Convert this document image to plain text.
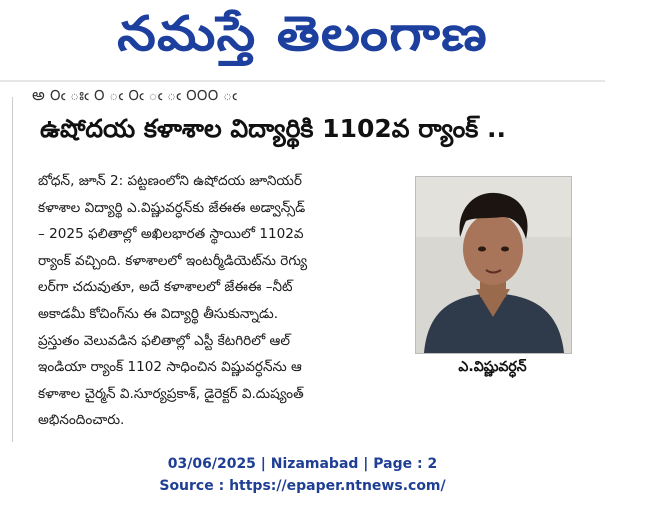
నమస్తే తెలంగాణ
అ ౦ఁ ఃఁ ౦ ఁ ౦ఁ ఁ ఁ ౦౦౦ ఁ
ఉషోదయ కళాశాల విద్యార్థికి 1102వ ర్యాంక్ ..
బోధన్, జూన్ 2: పట్టణంలోని ఉషోదయ జూనియర్
కళాశాల విద్యార్థి ఎ.విష్ణువర్ధన్‌కు జేఈఈ అడ్వాన్స్‌డ్
– 2025 ఫలితాల్లో అఖిలభారత స్థాయిలో 1102వ
ర్యాంక్ వచ్చింది. కళాశాలలో ఇంటర్మీడియెట్‌ను రెగ్యు
లర్‌గా చదువుతూ, అదే కళాశాలలో జేఈఈ –నీట్
అకాడమీ కోచింగ్‌ను ఈ విద్యార్థి తీసుకున్నాడు.
ప్రస్తుతం వెలువడిన ఫలితాల్లో ఎస్టీ కేటగిరిలో ఆల్
ఇండియా ర్యాంక్ 1102 సాధించిన విష్ణువర్ధన్‌ను ఆ
కళాశాల చైర్మన్ వి.సూర్యప్రకాశ్, డైరెక్టర్ వి.దుష్యంత్
అభినందించారు.
ఎ.విష్ణువర్ధన్
03/06/2025 | Nizamabad | Page : 2
Source : https://epaper.ntnews.com/
